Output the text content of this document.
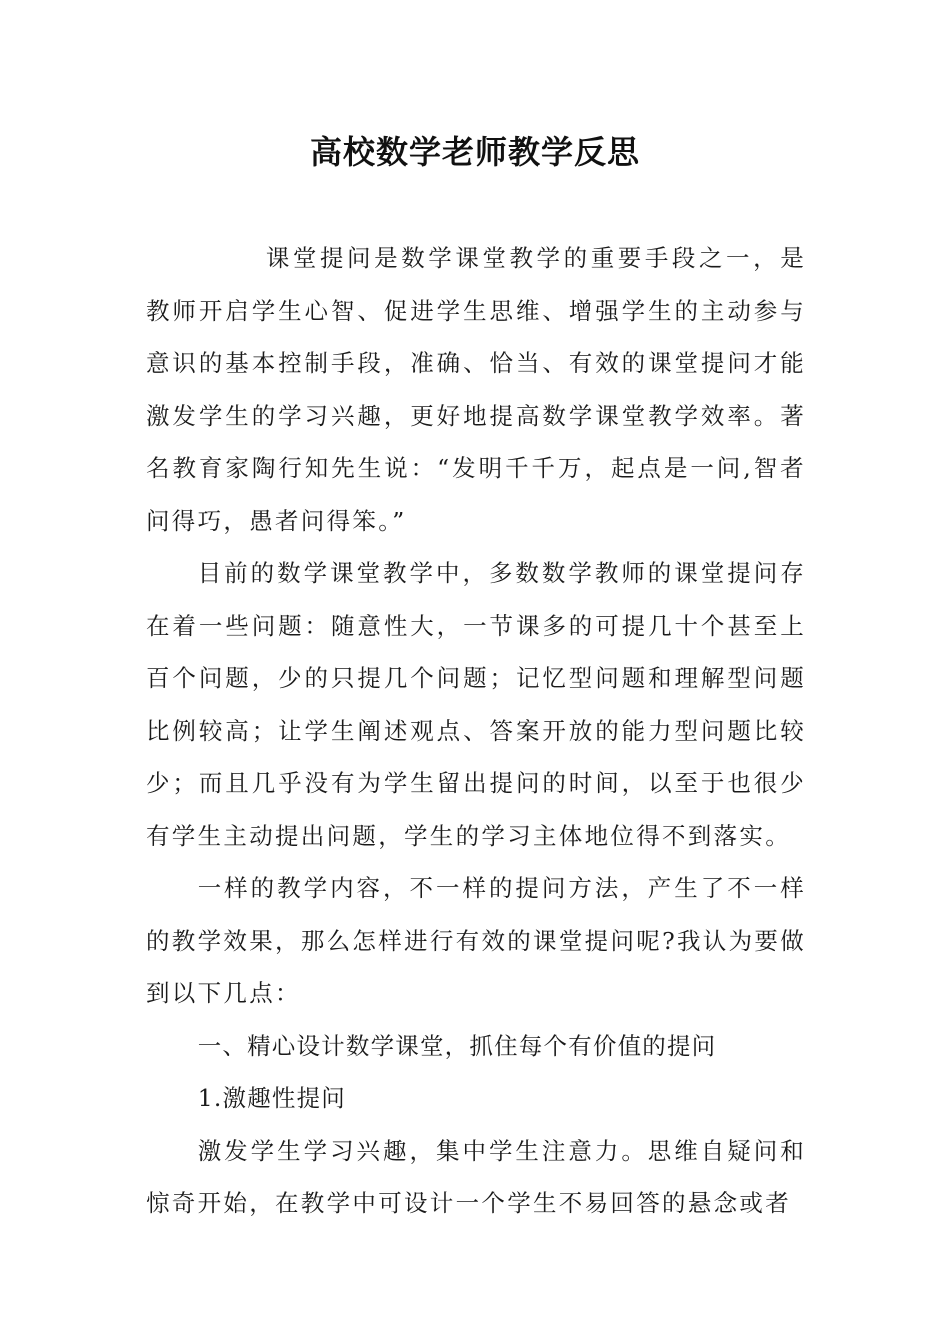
高校数学老师教学反思

课堂提问是数学课堂教学的重要手段之一，是教师开启学生心智、促进学生思维、增强学生的主动参与意识的基本控制手段，准确、恰当、有效的课堂提问才能激发学生的学习兴趣，更好地提高数学课堂教学效率。著名教育家陶行知先生说：“发明千千万，起点是一问,智者问得巧，愚者问得笨。”

目前的数学课堂教学中，多数数学教师的课堂提问存在着一些问题：随意性大，一节课多的可提几十个甚至上百个问题，少的只提几个问题；记忆型问题和理解型问题比例较高；让学生阐述观点、答案开放的能力型问题比较少；而且几乎没有为学生留出提问的时间，以至于也很少有学生主动提出问题，学生的学习主体地位得不到落实。

一样的教学内容，不一样的提问方法，产生了不一样的教学效果，那么怎样进行有效的课堂提问呢?我认为要做到以下几点：

一、精心设计数学课堂，抓住每个有价值的提问

1.激趣性提问

激发学生学习兴趣，集中学生注意力。思维自疑问和惊奇开始，在教学中可设计一个学生不易回答的悬念或者
